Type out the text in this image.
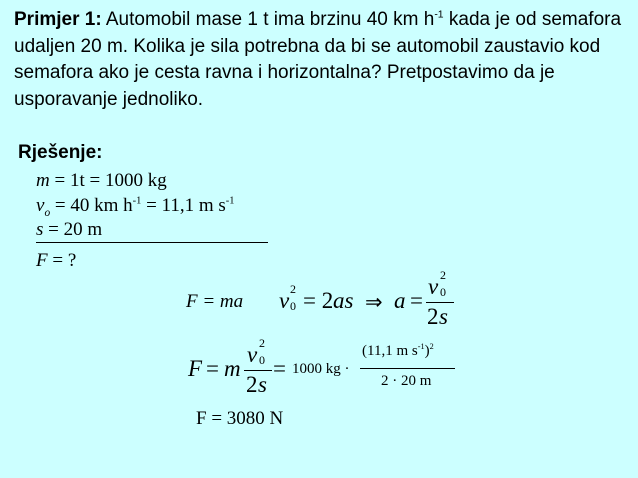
Primjer 1: Automobil mase 1 t ima brzinu 40 km $h^{-1}$ kada je od semafora udaljen 20 m. Kolika je sila potrebna da bi se automobil zaustavio kod semafora ako je cesta ravna i horizontalna? Pretpostavimo da je usporavanje jednoliko.
Rješenje:
m = 1t = 1000 kg
$v_o = 40$ km $h^{-1} = 11,1$ m $s^{-1}$
s = 20 m
F = ?
F = ma v 2
0 = 2 as ⇒ a =
v 2
0
2 s
F = m
v 2
0
2 s
= 1000 kg ·
(11,1 m $s^{-1})^2$
2 · 20 m
F = 3080 N
